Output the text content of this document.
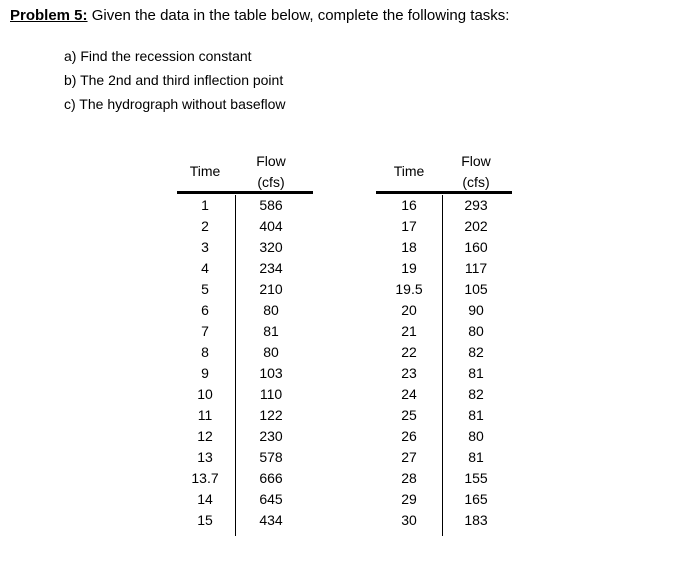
Problem 5: Given the data in the table below, complete the following tasks:
a) Find the recession constant
b) The 2nd and third inflection point
c) The hydrograph without baseflow
Time
Flow
(cfs)
1	586
2	404
3	320
4	234
5	210
6	80
7	81
8	80
9	103
10	110
11	122
12	230
13	578
13.7	666
14	645
15	434
Time
Flow
(cfs)
16	293
17	202
18	160
19	117
19.5	105
20	90
21	80
22	82
23	81
24	82
25	81
26	80
27	81
28	155
29	165
30	183
